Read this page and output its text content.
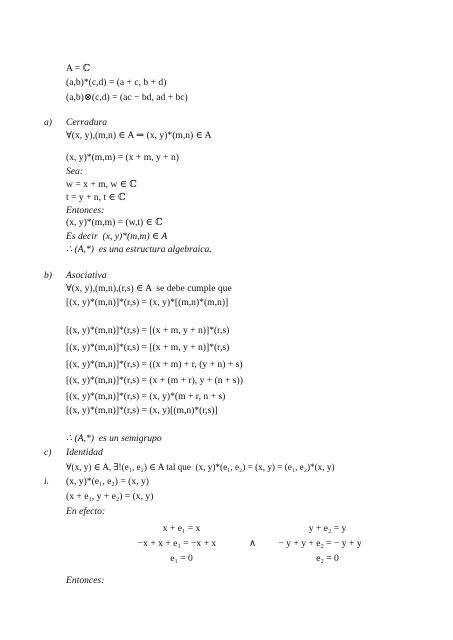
A = ℂ
(a,b)*(c,d) = (a + c, b + d)
(a,b)⊗(c,d) = (ac − bd, ad + bc)
a) Cerradura
∀(x, y),(m,n) ∈ A ⇒ (x, y)*(m,n) ∈ A
(x, y)*(m,m) = (x + m, y + n)
Sea:
w = x + m, w ∈ ℂ
t = y + n, t ∈ ℂ
Entonces:
(x, y)*(m,m) = (w,t) ∈ ℂ
Es decir  (x, y)*(m,m) ∈ A
∴ (A,*)  es una estructura algebraica.
b) Asociativa
∀(x, y),(m,n),(r,s) ∈ A  se debe cumple que
[(x, y)*(m,n)]*(r,s) = (x, y)*[(m,n)*(m,n)]
[(x, y)*(m,n)]*(r,s) = [(x + m, y + n)]*(r,s)
[(x, y)*(m,n)]*(r,s) = [(x + m, y + n)]*(r,s)
[(x, y)*(m,n)]*(r,s) = ((x + m) + r, (y + n) + s)
[(x, y)*(m,n)]*(r,s) = (x + (m + r), y + (n + s))
[(x, y)*(m,n)]*(r,s) = (x, y)*(m + r, n + s)
[(x, y)*(m,n)]*(r,s) = (x, y)[(m,n)*(r,s)]
∴ (A,*)  es un semigrupo
c) Identidad
∀(x, y) ∈ A, ∃!(e₁, e₂) ∈ A tal que  (x, y)*(e₁, e₂) = (x, y) = (e₁, e₂)*(x, y)
i. (x, y)*(e₁, e₂) = (x, y)
(x + e₁, y + e₂) = (x, y)
En efecto:
x + e₁ = x
−x + x + e₁ = −x + x
e₁ = 0
∧
y + e₂ = y
− y + y + e₂ = − y + y
e₂ = 0
Entonces:
